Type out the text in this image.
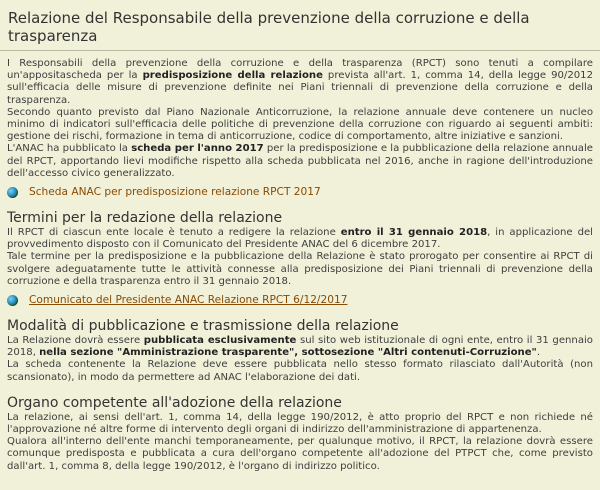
Relazione del Responsabile della prevenzione della corruzione e della trasparenza

I Responsabili della prevenzione della corruzione e della trasparenza (RPCT) sono tenuti a compilare un'appositascheda per la predisposizione della relazione prevista all'art. 1, comma 14, della legge 90/2012 sull'efficacia delle misure di prevenzione definite nei Piani triennali di prevenzione della corruzione e della trasparenza.

Secondo quanto previsto dal Piano Nazionale Anticorruzione, la relazione annuale deve contenere un nucleo minimo di indicatori sull'efficacia delle politiche di prevenzione della corruzione con riguardo ai seguenti ambiti: gestione dei rischi, formazione in tema di anticorruzione, codice di comportamento, altre iniziative e sanzioni.

L'ANAC ha pubblicato la scheda per l'anno 2017 per la predisposizione e la pubblicazione della relazione annuale del RPCT, apportando lievi modifiche rispetto alla scheda pubblicata nel 2016, anche in ragione dell'introduzione dell'accesso civico generalizzato.

Scheda ANAC per predisposizione relazione RPCT 2017
Termini per la redazione della relazione

Il RPCT di ciascun ente locale è tenuto a redigere la relazione entro il 31 gennaio 2018, in applicazione del provvedimento disposto con il Comunicato del Presidente ANAC del 6 dicembre 2017.

Tale termine per la predisposizione e la pubblicazione della Relazione è stato prorogato per consentire ai RPCT di svolgere adeguatamente tutte le attività connesse alla predisposizione dei Piani triennali di prevenzione della corruzione e della trasparenza entro il 31 gennaio 2018.

Comunicato del Presidente ANAC Relazione RPCT 6/12/2017
Modalità di pubblicazione e trasmissione della relazione

La Relazione dovrà essere pubblicata esclusivamente sul sito web istituzionale di ogni ente, entro il 31 gennaio 2018, nella sezione "Amministrazione trasparente", sottosezione "Altri contenuti-Corruzione".

La scheda contenente la Relazione deve essere pubblicata nello stesso formato rilasciato dall'Autorità (non scansionato), in modo da permettere ad ANAC l'elaborazione dei dati.

Organo competente all'adozione della relazione

La relazione, ai sensi dell'art. 1, comma 14, della legge 190/2012, è atto proprio del RPCT e non richiede né l'approvazione né altre forme di intervento degli organi di indirizzo dell'amministrazione di appartenenza.

Qualora all'interno dell'ente manchi temporaneamente, per qualunque motivo, il RPCT, la relazione dovrà essere comunque predisposta e pubblicata a cura dell'organo competente all'adozione del PTPCT che, come previsto dall'art. 1, comma 8, della legge 190/2012, è l'organo di indirizzo politico.
